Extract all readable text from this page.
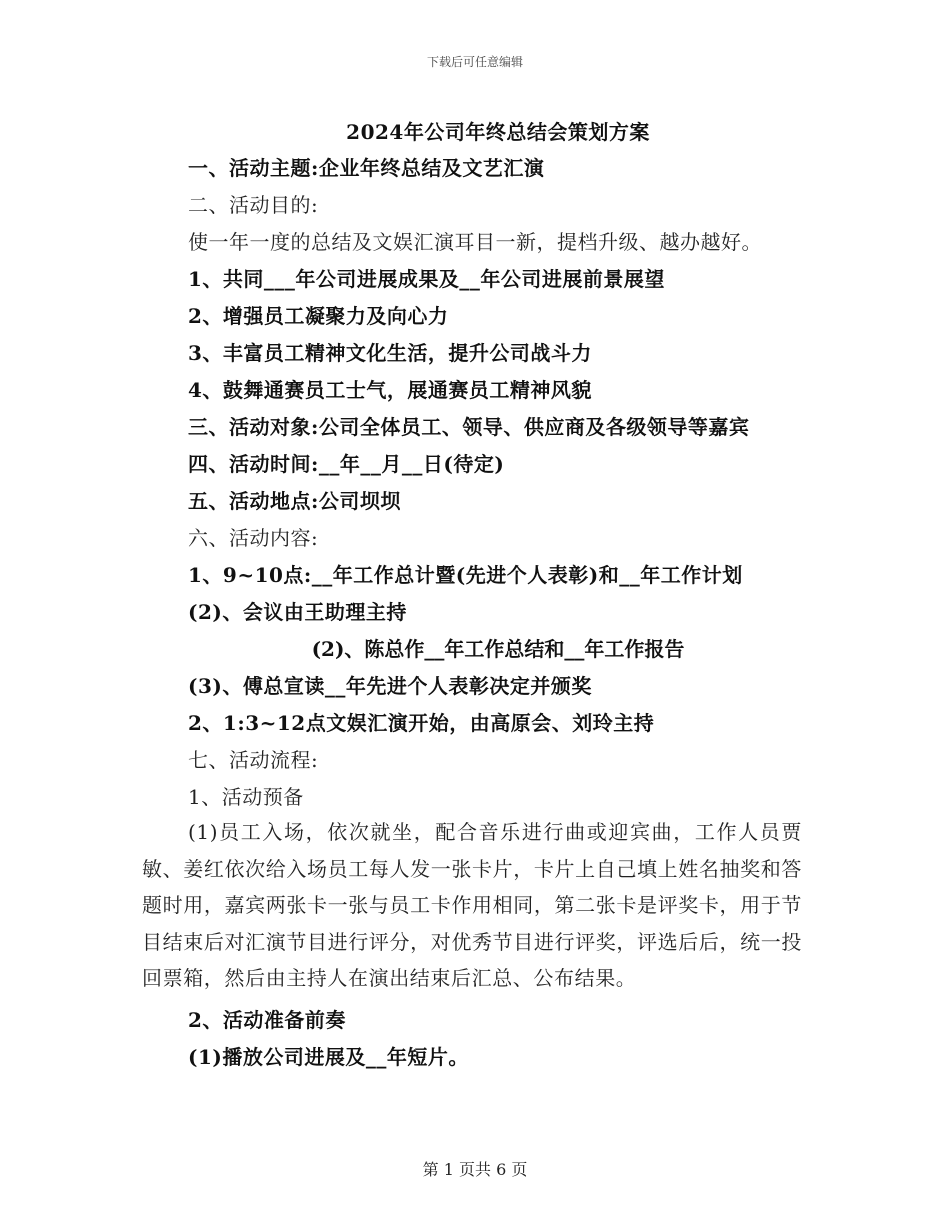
下载后可任意编辑
2024年公司年终总结会策划方案
一、活动主题:企业年终总结及文艺汇演
二、活动目的:
使一年一度的总结及文娱汇演耳目一新，提档升级、越办越好。
1、共同___年公司进展成果及__年公司进展前景展望
2、增强员工凝聚力及向心力
3、丰富员工精神文化生活，提升公司战斗力
4、鼓舞通赛员工士气，展通赛员工精神风貌
三、活动对象:公司全体员工、领导、供应商及各级领导等嘉宾
四、活动时间:__年__月__日(待定)
五、活动地点:公司坝坝
六、活动内容:
1、9~10点:__年工作总计暨(先进个人表彰)和__年工作计划
(2)、会议由王助理主持
(2)、陈总作__年工作总结和__年工作报告
(3)、傅总宣读__年先进个人表彰决定并颁奖
2、1:3~12点文娱汇演开始，由高原会、刘玲主持
七、活动流程:
1、活动预备
(1)员工入场，依次就坐，配合音乐进行曲或迎宾曲，工作人员贾敏、姜红依次给入场员工每人发一张卡片，卡片上自己填上姓名抽奖和答题时用，嘉宾两张卡一张与员工卡作用相同，第二张卡是评奖卡，用于节目结束后对汇演节目进行评分，对优秀节目进行评奖，评选后后，统一投回票箱，然后由主持人在演出结束后汇总、公布结果。
2、活动准备前奏
(1)播放公司进展及__年短片。
第 1 页共 6 页
